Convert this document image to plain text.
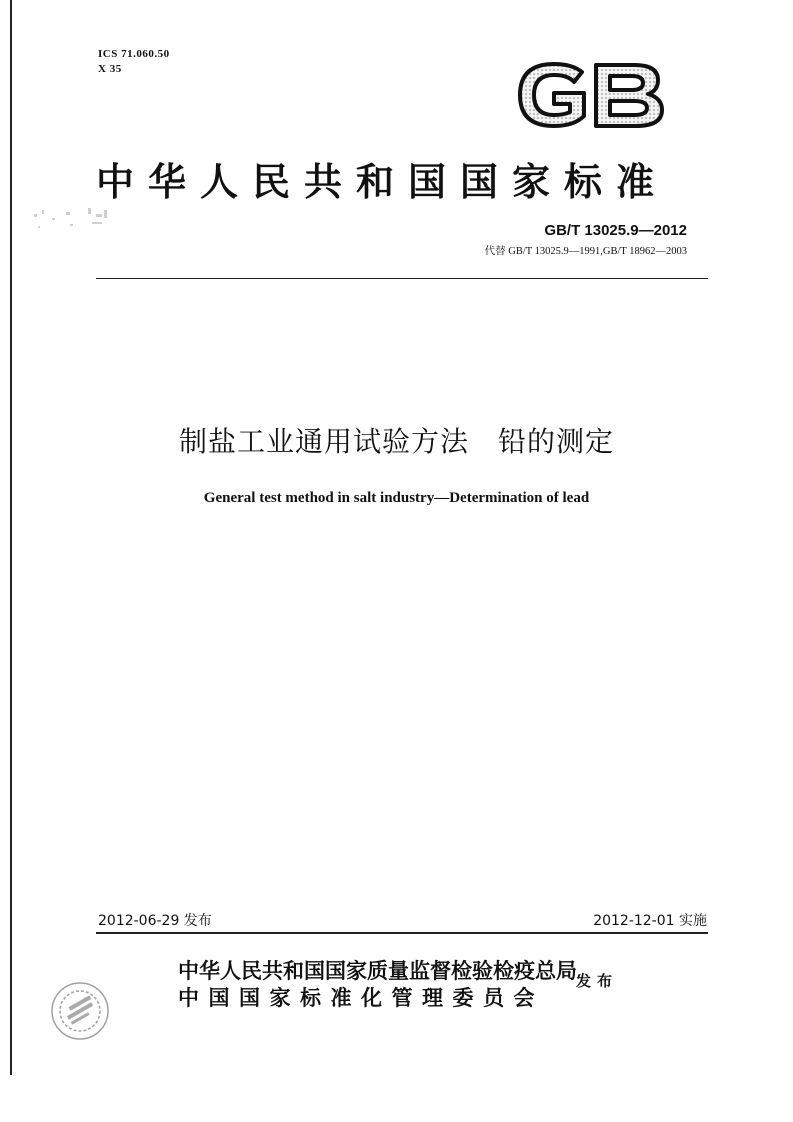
ICS 71.060.50
X 35
中华人民共和国国家标准
GB/T 13025.9—2012
代替 GB/T 13025.9—1991,GB/T 18962—2003
制盐工业通用试验方法　铅的测定
General test method in salt industry—Determination of lead
2012-06-29 发布	2012-12-01 实施
中华人民共和国国家质量监督检验检疫总局
中国国家标准化管理委员会
发布
